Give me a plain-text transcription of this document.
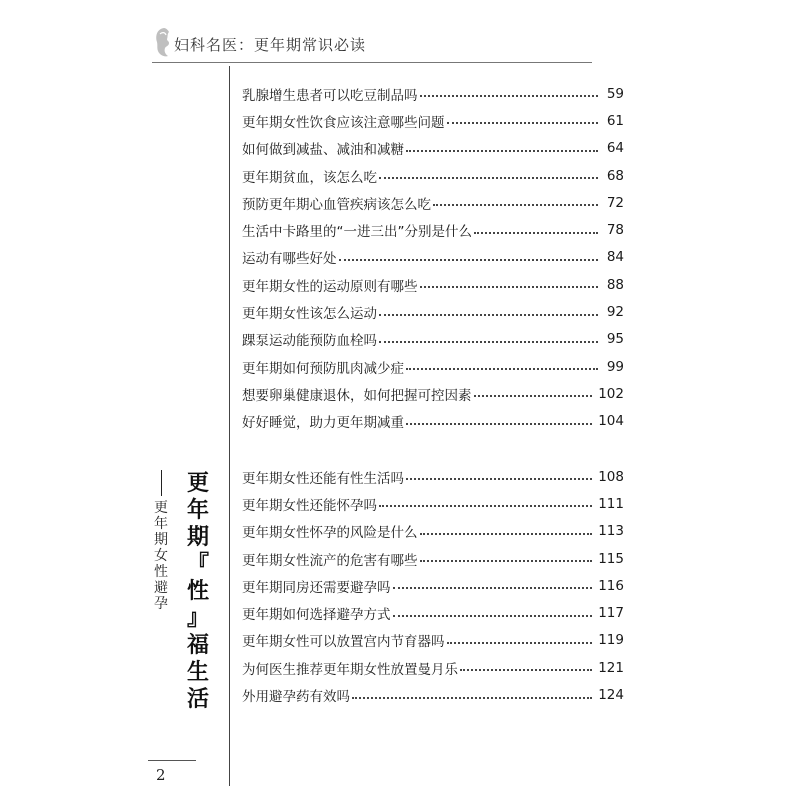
妇科名医：更年期常识必读
乳腺增生患者可以吃豆制品吗	59
更年期女性饮食应该注意哪些问题	61
如何做到减盐、减油和减糖	64
更年期贫血，该怎么吃	68
预防更年期心血管疾病该怎么吃	72
生活中卡路里的“一进三出”分别是什么	78
运动有哪些好处	84
更年期女性的运动原则有哪些	88
更年期女性该怎么运动	92
踝泵运动能预防血栓吗	95
更年期如何预防肌肉减少症	99
想要卵巢健康退休，如何把握可控因素	102
好好睡觉，助力更年期减重	104
更
年
期
『
性
』
福
生
活
更
年
期
女
性
避
孕
更年期女性还能有性生活吗	108
更年期女性还能怀孕吗	111
更年期女性怀孕的风险是什么	113
更年期女性流产的危害有哪些	115
更年期同房还需要避孕吗	116
更年期如何选择避孕方式	117
更年期女性可以放置宫内节育器吗	119
为何医生推荐更年期女性放置曼月乐	121
外用避孕药有效吗	124
2
